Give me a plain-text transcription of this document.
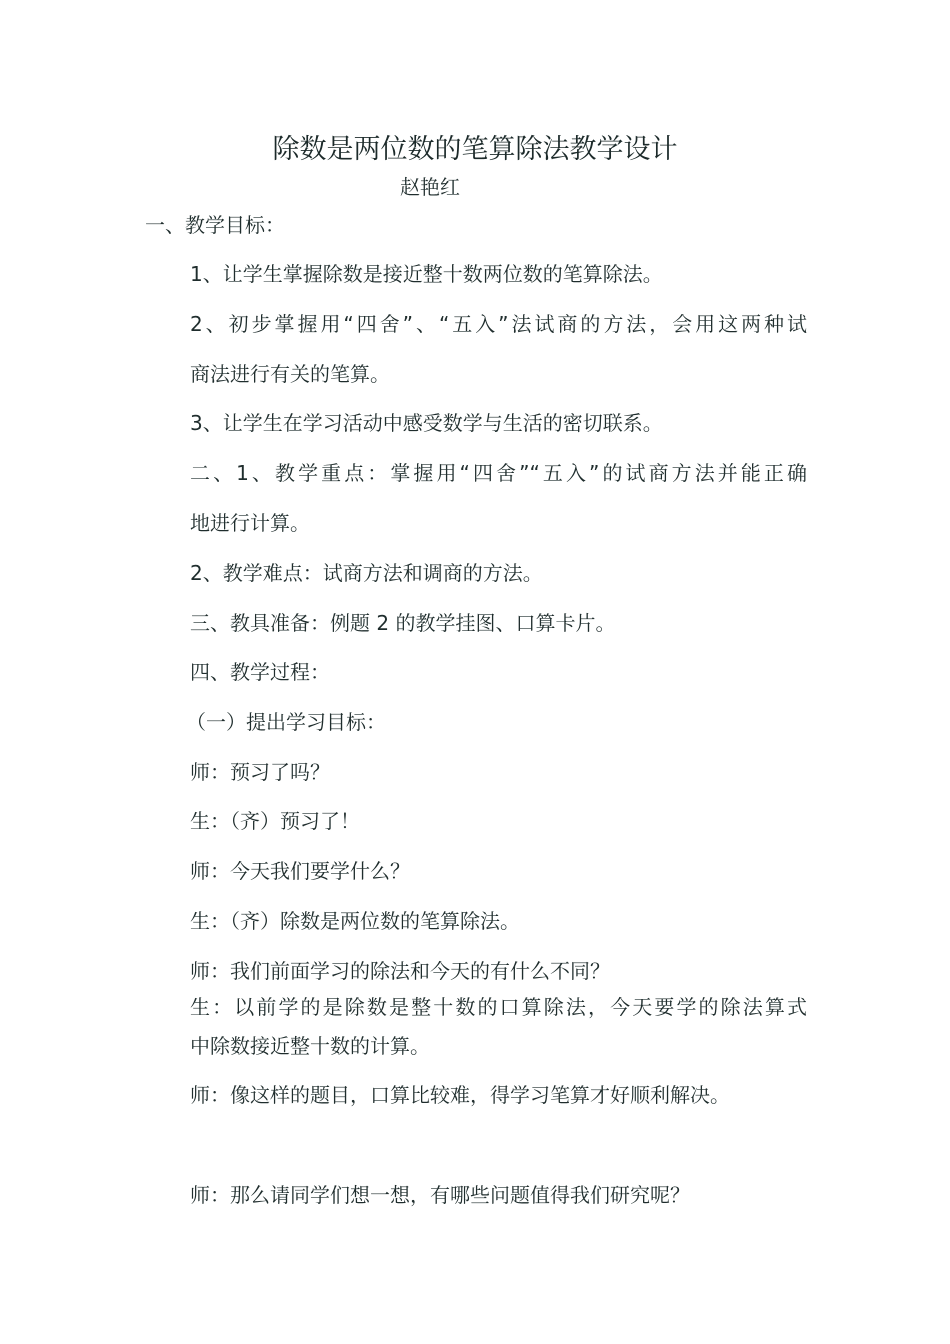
除数是两位数的笔算除法教学设计
赵艳红
一、教学目标：
1、让学生掌握除数是接近整十数两位数的笔算除法。
2、初步掌握用“四舍”、“五入”法试商的方法，会用这两种试
商法进行有关的笔算。
3、让学生在学习活动中感受数学与生活的密切联系。
二、1、教学重点：掌握用“四舍”“五入”的试商方法并能正确
地进行计算。
2、教学难点：试商方法和调商的方法。
三、教具准备：例题 2 的教学挂图、口算卡片。
四、教学过程：
（一）提出学习目标：
师：预习了吗？
生：（齐）预习了！
师：今天我们要学什么？
生：（齐）除数是两位数的笔算除法。
师：我们前面学习的除法和今天的有什么不同？
生：以前学的是除数是整十数的口算除法，今天要学的除法算式
中除数接近整十数的计算。
师：像这样的题目，口算比较难，得学习笔算才好顺利解决。
师：那么请同学们想一想，有哪些问题值得我们研究呢？
